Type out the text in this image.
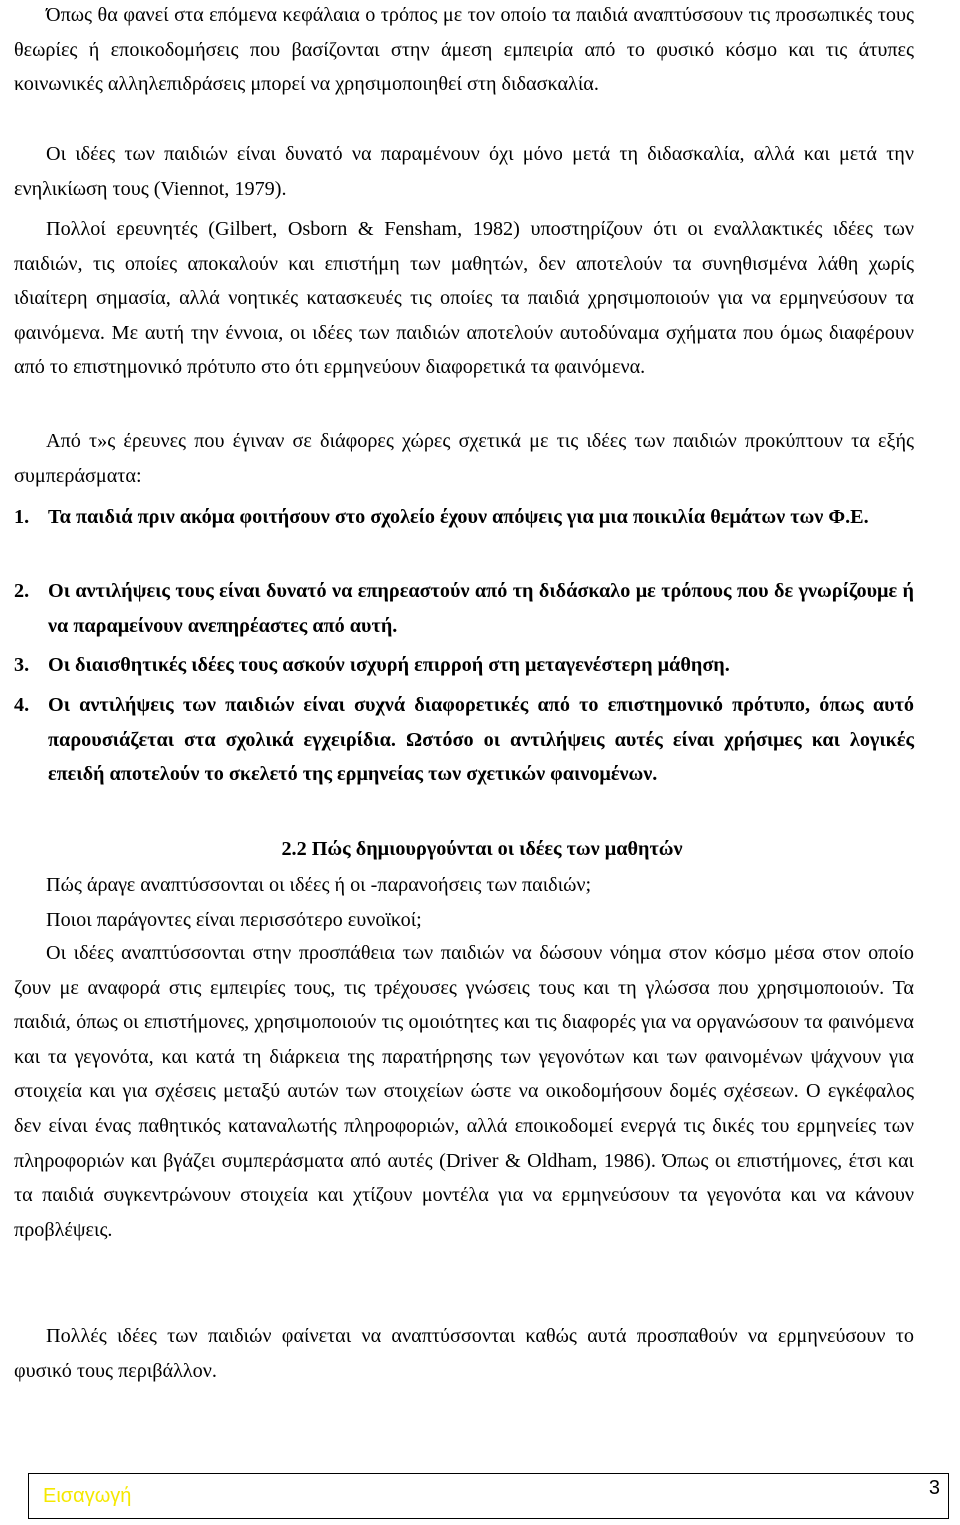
Όπως θα φανεί στα επόμενα κεφάλαια ο τρόπος με τον οποίο τα παιδιά αναπτύσσουν τις προσωπικές τους θεωρίες ή εποικοδομήσεις που βασίζονται στην άμεση εμπειρία από το φυσικό κόσμο και τις άτυπες κοινωνικές αλληλεπιδράσεις μπορεί να χρησιμοποιηθεί στη διδασκαλία.

Οι ιδέες των παιδιών είναι δυνατό να παραμένουν όχι μόνο μετά τη διδασκαλία, αλλά και μετά την ενηλικίωση τους (Viennot, 1979).

Πολλοί ερευνητές (Gilbert, Osborn & Fensham, 1982) υποστηρίζουν ότι οι εναλλακτικές ιδέες των παιδιών, τις οποίες αποκαλούν και επιστήμη των μαθητών, δεν αποτελούν τα συνηθισμένα λάθη χωρίς ιδιαίτερη σημασία, αλλά νοητικές κατασκευές τις οποίες τα παιδιά χρησιμοποιούν για να ερμηνεύσουν τα φαινόμενα. Με αυτή την έννοια, οι ιδέες των παιδιών αποτελούν αυτοδύναμα σχήματα που όμως διαφέρουν από το επιστημονικό πρότυπο στο ότι ερμηνεύουν διαφορετικά τα φαινόμενα.

Από τ»ς έρευνες που έγιναν σε διάφορες χώρες σχετικά με τις ιδέες των παιδιών προκύπτουν τα εξής συμπεράσματα:

1. Τα παιδιά πριν ακόμα φοιτήσουν στο σχολείο έχουν απόψεις για μια ποικιλία θεμάτων των Φ.Ε.

2. Οι αντιλήψεις τους είναι δυνατό να επηρεαστούν από τη διδάσκαλο με τρόπους που δε γνωρίζουμε ή να παραμείνουν ανεπηρέαστες από αυτή.

3. Οι διαισθητικές ιδέες τους ασκούν ισχυρή επιρροή στη μεταγενέστερη μάθηση.

4. Οι αντιλήψεις των παιδιών είναι συχνά διαφορετικές από το επιστημονικό πρότυπο, όπως αυτό παρουσιάζεται στα σχολικά εγχειρίδια. Ωστόσο οι αντιλήψεις αυτές είναι χρήσιμες και λογικές επειδή αποτελούν το σκελετό της ερμηνείας των σχετικών φαινομένων.

2.2 Πώς δημιουργούνται οι ιδέες των μαθητών

Πώς άραγε αναπτύσσονται οι ιδέες ή οι -παρανοήσεις των παιδιών;

Ποιοι παράγοντες είναι περισσότερο ευνοϊκοί;

Οι ιδέες αναπτύσσονται στην προσπάθεια των παιδιών να δώσουν νόημα στον κόσμο μέσα στον οποίο ζουν με αναφορά στις εμπειρίες τους, τις τρέχουσες γνώσεις τους και τη γλώσσα που χρησιμοποιούν. Τα παιδιά, όπως οι επιστήμονες, χρησιμοποιούν τις ομοιότητες και τις διαφορές για να οργανώσουν τα φαινόμενα και τα γεγονότα, και κατά τη διάρκεια της παρατήρησης των γεγονότων και των φαινομένων ψάχνουν για στοιχεία και για σχέσεις μεταξύ αυτών των στοιχείων ώστε να οικοδομήσουν δομές σχέσεων. Ο εγκέφαλος δεν είναι ένας παθητικός καταναλωτής πληροφοριών, αλλά εποικοδομεί ενεργά τις δικές του ερμηνείες των πληροφοριών και βγάζει συμπεράσματα από αυτές (Driver & Oldham, 1986). Όπως οι επιστήμονες, έτσι και τα παιδιά συγκεντρώνουν στοιχεία και χτίζουν μοντέλα για να ερμηνεύσουν τα γεγονότα και να κάνουν προβλέψεις.

Πολλές ιδέες των παιδιών φαίνεται να αναπτύσσονται καθώς αυτά προσπαθούν να ερμηνεύσουν το φυσικό τους περιβάλλον.

Εισαγωγή	3
